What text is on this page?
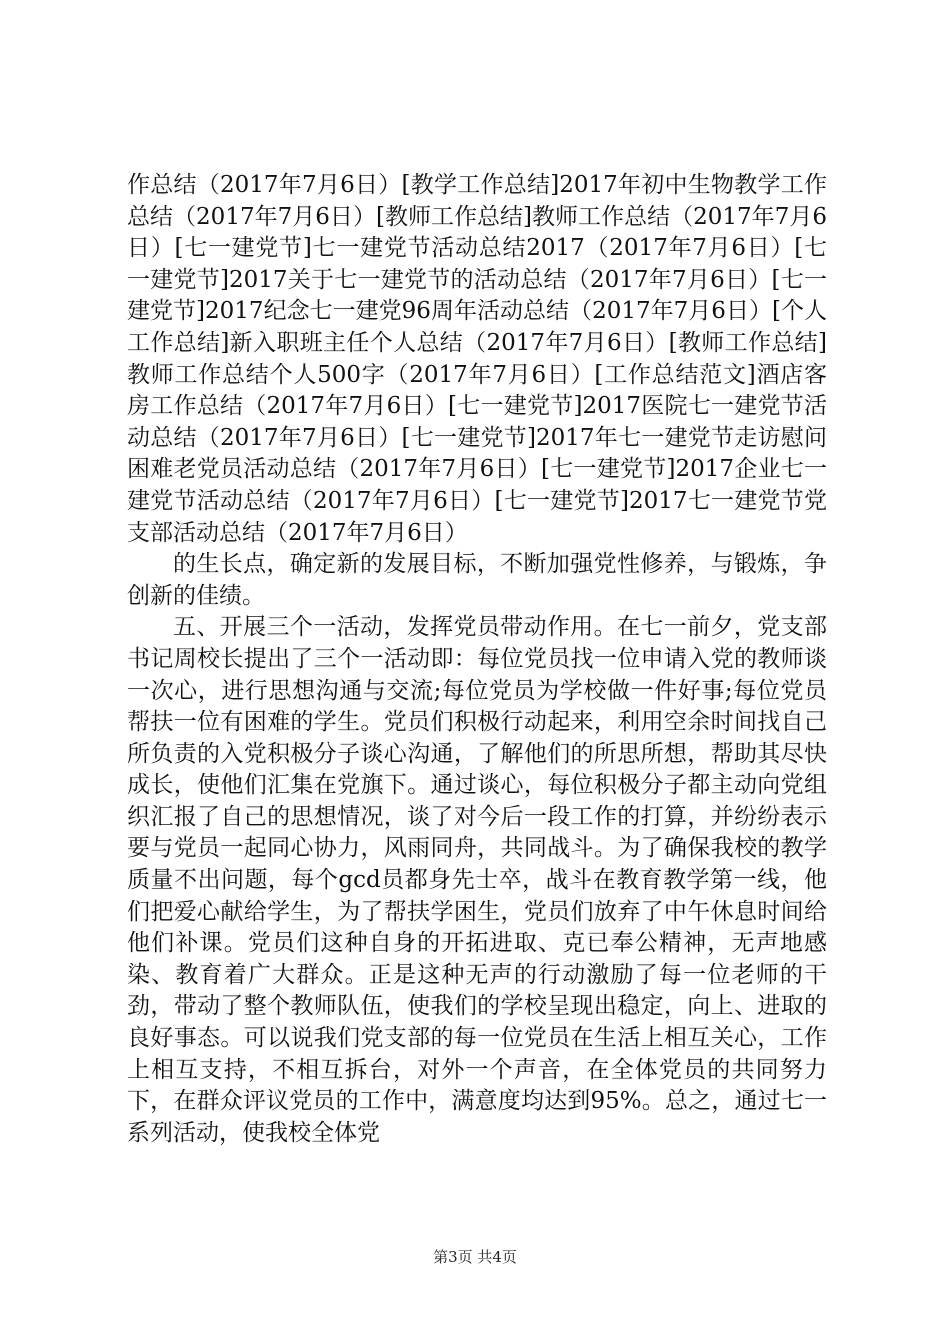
作总结（2017年7月6日）[教学工作总结]2017年初中生物教学工作总结（2017年7月6日）[教师工作总结]教师工作总结（2017年7月6日）[七一建党节]七一建党节活动总结2017（2017年7月6日）[七一建党节]2017关于七一建党节的活动总结（2017年7月6日）[七一建党节]2017纪念七一建党96周年活动总结（2017年7月6日）[个人工作总结]新入职班主任个人总结（2017年7月6日）[教师工作总结]教师工作总结个人500字（2017年7月6日）[工作总结范文]酒店客房工作总结（2017年7月6日）[七一建党节]2017医院七一建党节活动总结（2017年7月6日）[七一建党节]2017年七一建党节走访慰问困难老党员活动总结（2017年7月6日）[七一建党节]2017企业七一建党节活动总结（2017年7月6日）[七一建党节]2017七一建党节党支部活动总结（2017年7月6日）

的生长点，确定新的发展目标，不断加强党性修养，与锻炼，争创新的佳绩。

五、开展三个一活动，发挥党员带动作用。在七一前夕，党支部书记周校长提出了三个一活动即：每位党员找一位申请入党的教师谈一次心，进行思想沟通与交流;每位党员为学校做一件好事;每位党员帮扶一位有困难的学生。党员们积极行动起来，利用空余时间找自己所负责的入党积极分子谈心沟通，了解他们的所思所想，帮助其尽快成长，使他们汇集在党旗下。通过谈心，每位积极分子都主动向党组织汇报了自己的思想情况，谈了对今后一段工作的打算，并纷纷表示要与党员一起同心协力，风雨同舟，共同战斗。为了确保我校的教学质量不出问题，每个gcd员都身先士卒，战斗在教育教学第一线，他们把爱心献给学生，为了帮扶学困生，党员们放弃了中午休息时间给他们补课。党员们这种自身的开拓进取、克已奉公精神，无声地感染、教育着广大群众。正是这种无声的行动激励了每一位老师的干劲，带动了整个教师队伍，使我们的学校呈现出稳定，向上、进取的良好事态。可以说我们党支部的每一位党员在生活上相互关心，工作上相互支持，不相互拆台，对外一个声音，在全体党员的共同努力下，在群众评议党员的工作中，满意度均达到95%。总之，通过七一系列活动，使我校全体党

第3页 共4页
